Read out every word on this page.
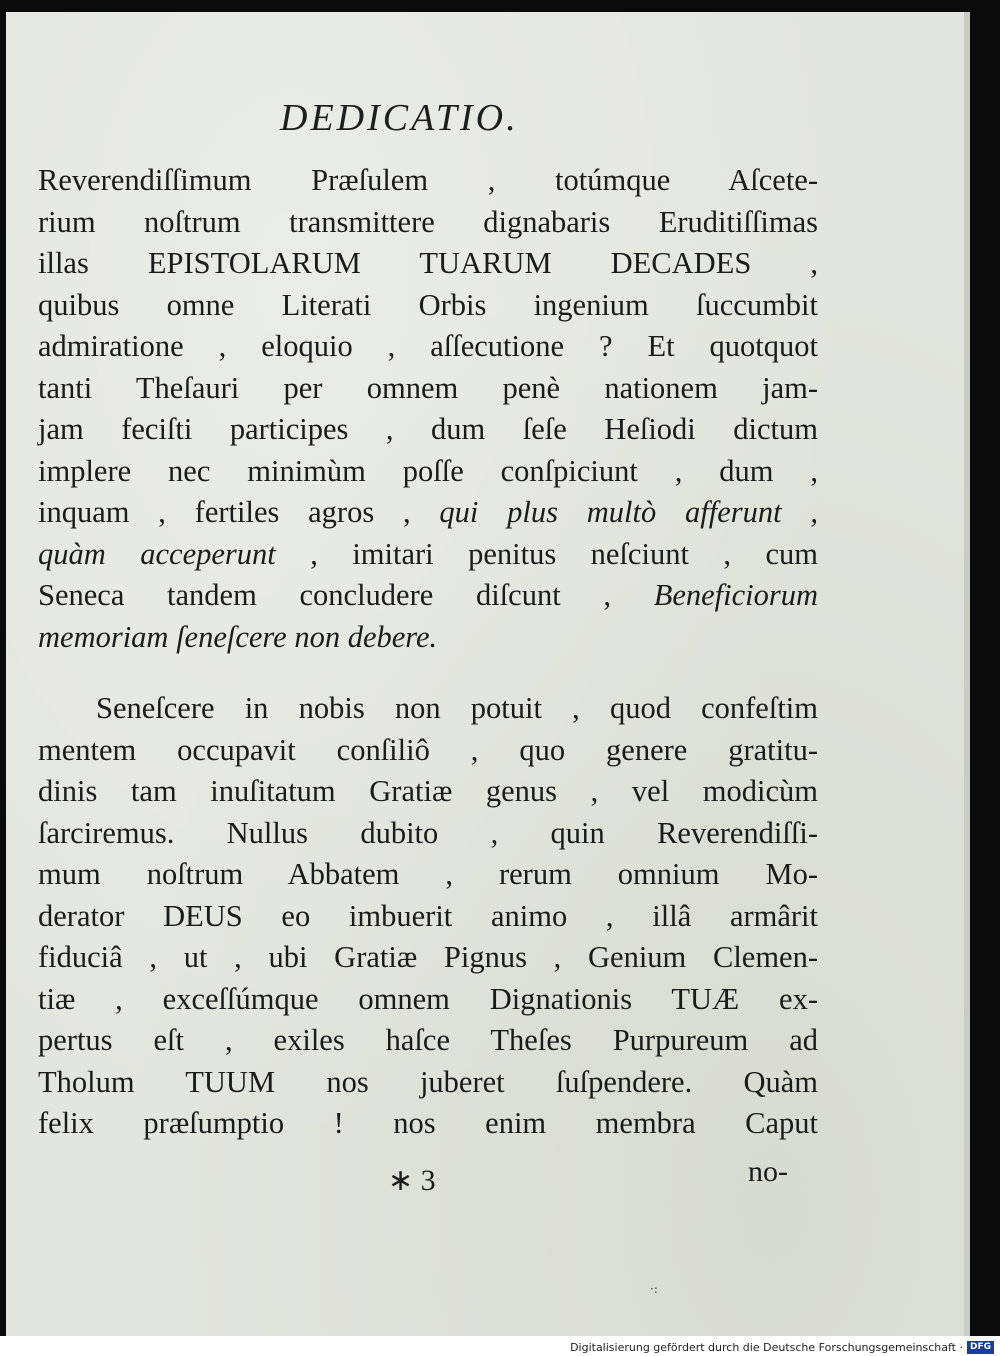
DEDICATIO.
Reverendiſſimum Præſulem , totúmque Aſcete-
rium noſtrum transmittere dignabaris Eruditiſſimas
illas EPISTOLARUM TUARUM DECADES ,
quibus omne Literati Orbis ingenium ſuccumbit
admiratione , eloquio , aſſecutione ? Et quotquot
tanti Theſauri per omnem penè nationem jam-
jam feciſti participes , dum ſeſe Heſiodi dictum
implere nec minimùm poſſe conſpiciunt , dum ,
inquam , fertiles agros , qui plus multò afferunt ,
quàm acceperunt , imitari penitus neſciunt , cum
Seneca tandem concludere diſcunt , Beneficiorum
memoriam ſeneſcere non debere.
Seneſcere in nobis non potuit , quod confeſtim
mentem occupavit conſiliô , quo genere gratitu-
dinis tam inuſitatum Gratiæ genus , vel modicùm
ſarciremus. Nullus dubito , quin Reverendiſſi-
mum noſtrum Abbatem , rerum omnium Mo-
derator DEUS eo imbuerit animo , illâ armârit
fiduciâ , ut , ubi Gratiæ Pignus , Genium Clemen-
tiæ , exceſſúmque omnem Dignationis TUÆ ex-
pertus eſt , exiles haſce Theſes Purpureum ad
Tholum TUUM nos juberet ſuſpendere. Quàm
felix præſumptio ! nos enim membra Caput
∗ 3	no-
·:
Digitalisierung gefördert durch die Deutsche Forschungsgemeinschaft · DFG
